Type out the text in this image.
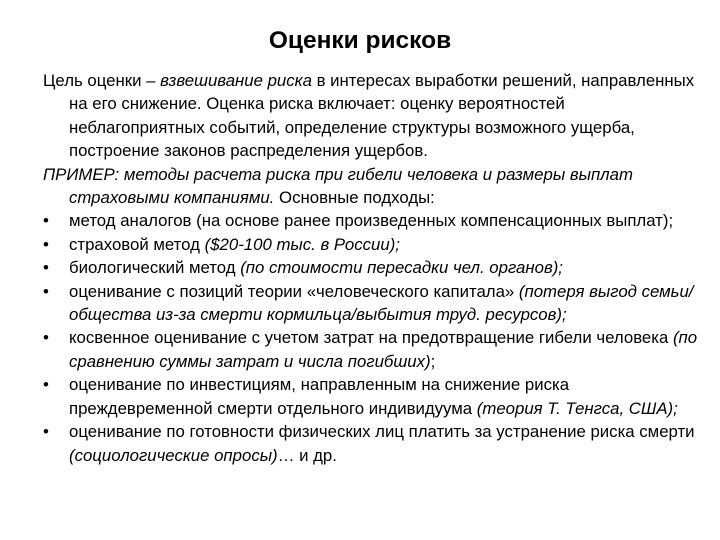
Оценки рисков

Цель оценки – взвешивание риска в интересах выработки решений, направленных на его снижение. Оценка риска включает: оценку вероятностей неблагоприятных событий, определение структуры возможного ущерба, построение законов распределения ущербов.

ПРИМЕР: методы расчета риска при гибели человека и размеры выплат страховыми компаниями. Основные подходы:

•	метод аналогов (на основе ранее произведенных компенсационных выплат);
•	страховой метод ($20-100 тыс. в России);
•	биологический метод (по стоимости пересадки чел. органов);
•	оценивание с позиций теории «человеческого капитала» (потеря выгод семьи/общества из-за смерти кормильца/выбытия труд. ресурсов);
•	косвенное оценивание с учетом затрат на предотвращение гибели человека (по сравнению суммы затрат и числа погибших);
•	оценивание по инвестициям, направленным на снижение риска преждевременной смерти отдельного индивидуума (теория Т. Тенгса, США);
•	оценивание по готовности физических лиц платить за устранение риска смерти (социологические опросы)… и др.
